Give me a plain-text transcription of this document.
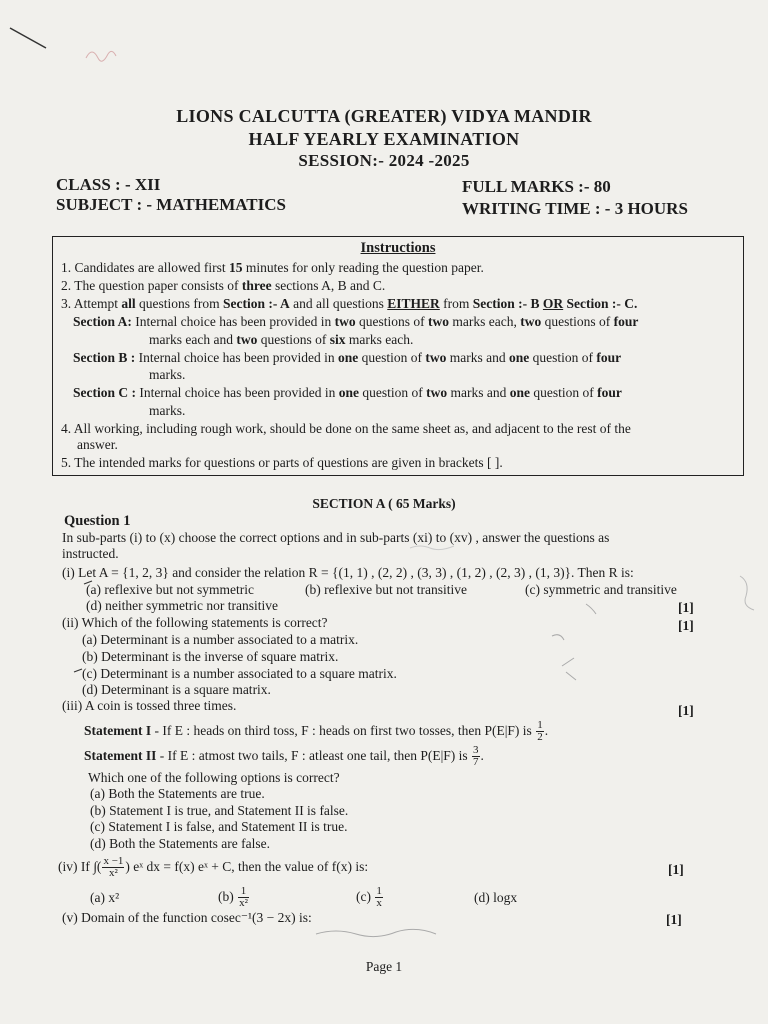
LIONS CALCUTTA (GREATER) VIDYA MANDIR
HALF YEARLY EXAMINATION
SESSION:- 2024 -2025
CLASS : - XII
SUBJECT : - MATHEMATICS
FULL MARKS :- 80
WRITING TIME : - 3 HOURS
Instructions
1. Candidates are allowed first 15 minutes for only reading the question paper.
2. The question paper consists of three sections A, B and C.
3. Attempt all questions from Section :- A and all questions EITHER from Section :- B OR Section :- C.
Section A: Internal choice has been provided in two questions of two marks each, two questions of four
marks each and two questions of six marks each.
Section B : Internal choice has been provided in one question of two marks and one question of four
marks.
Section C : Internal choice has been provided in one question of two marks and one question of four
marks.
4. All working, including rough work, should be done on the same sheet as, and adjacent to the rest of the
answer.
5. The intended marks for questions or parts of questions are given in brackets [ ].
SECTION A ( 65 Marks)
Question 1
In sub-parts (i) to (x) choose the correct options and in sub-parts (xi) to (xv) , answer the questions as
instructed.
(i) Let A = {1, 2, 3} and consider the relation R = {(1, 1) , (2, 2) , (3, 3) , (1, 2) , (2, 3) , (1, 3)}. Then R is:
(a) reflexive but not symmetric	(b) reflexive but not transitive	(c) symmetric and transitive
(d) neither symmetric nor transitive	[1]
(ii) Which of the following statements is correct?	[1]
(a) Determinant is a number associated to a matrix.
(b) Determinant is the inverse of square matrix.
(c) Determinant is a number associated to a square matrix.
(d) Determinant is a square matrix.
(iii) A coin is tossed three times.	[1]
Statement I - If E : heads on third toss, F : heads on first two tosses, then P(E|F) is $\frac{1}{2}$ .
Statement II - If E : atmost two tails, F : atleast one tail, then P(E|F) is $\frac{3}{7}$ .
Which one of the following options is correct?
(a) Both the Statements are true.
(b) Statement I is true, and Statement II is false.
(c) Statement I is false, and Statement II is true.
(d) Both the Statements are false.
(iv) If ∫( $\frac{x -1}{\text{x²}}$ ) eˣ dx = f(x) eˣ + C, then the value of f(x) is:	[1]
(a) x²	$(b) \frac{1}{\text{x²}}$	$(c) \frac{1}{x}$	(d) logx
(v) Domain of the function cosec⁻¹(3 − 2x) is:	[1]
Page 1
